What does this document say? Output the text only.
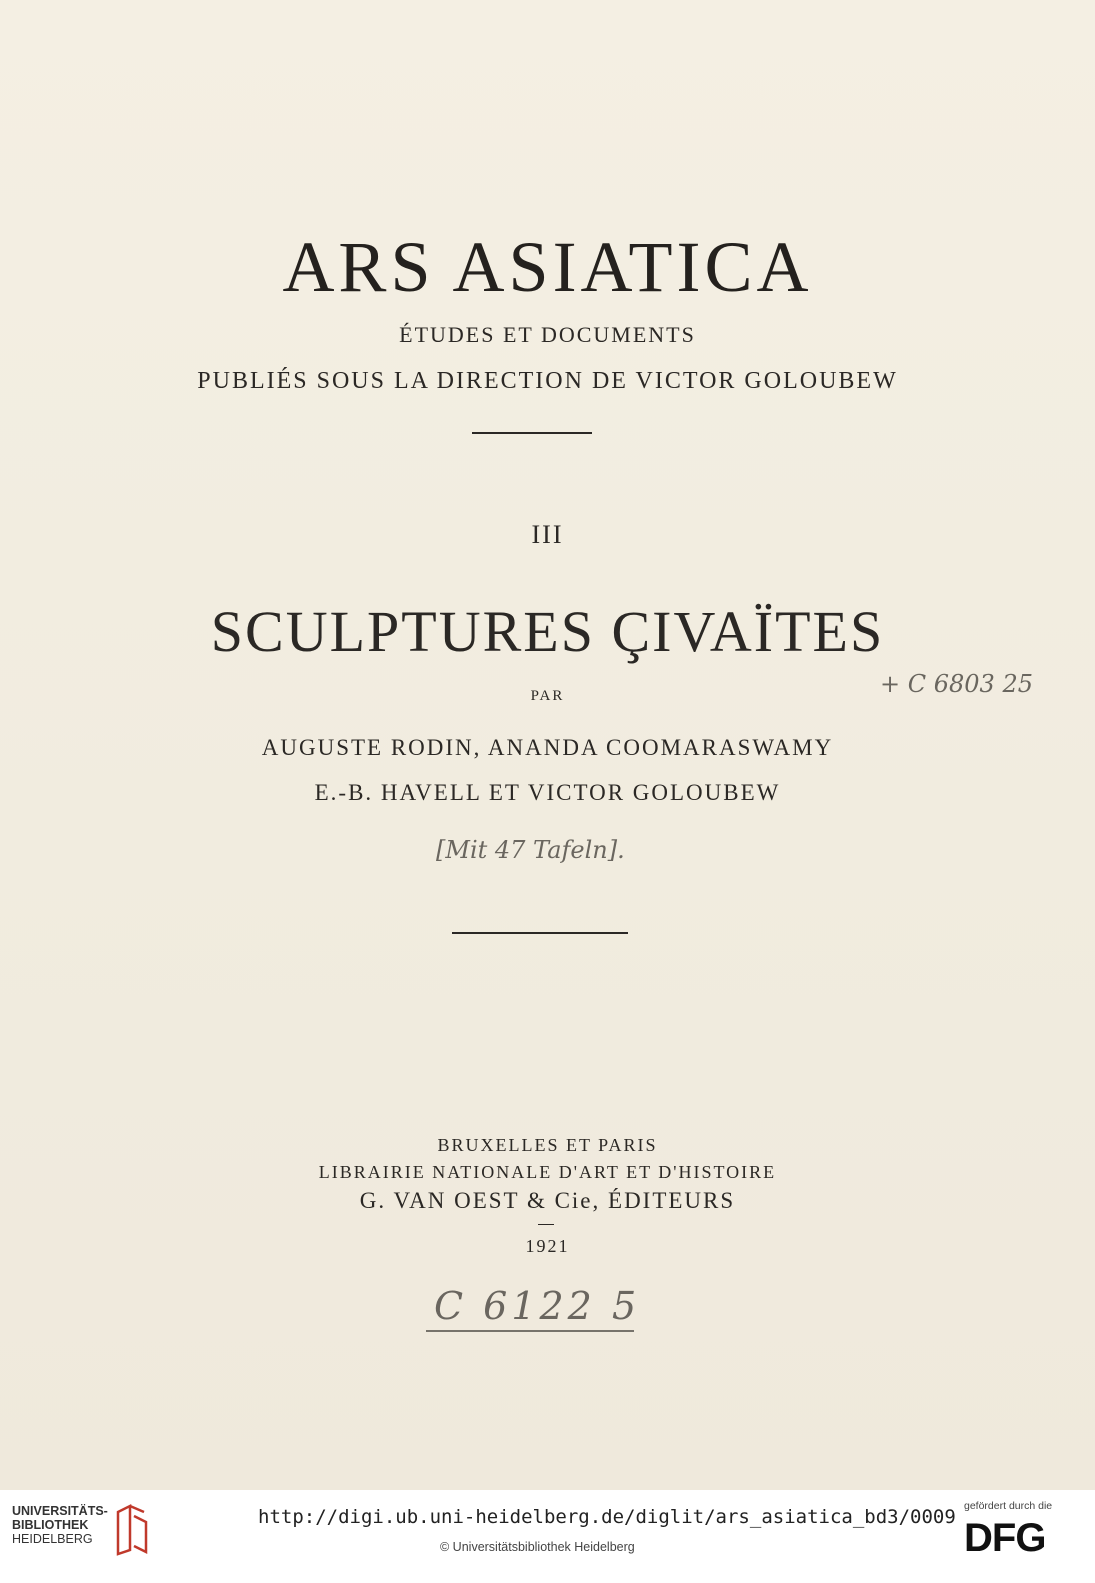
ARS ASIATICA
ÉTUDES ET DOCUMENTS
PUBLIÉS SOUS LA DIRECTION DE VICTOR GOLOUBEW
III
SCULPTURES ÇIVAÏTES
PAR
AUGUSTE RODIN, ANANDA COOMARASWAMY
E.-B. HAVELL ET VICTOR GOLOUBEW
+ C 6803 25
[Mit 47 Tafeln].
BRUXELLES ET PARIS
LIBRAIRIE NATIONALE D'ART ET D'HISTOIRE
G. VAN OEST & Cie, ÉDITEURS
1921
C 6122 5
UNIVERSITÄTS-
BIBLIOTHEK
HEIDELBERG
http://digi.ub.uni-heidelberg.de/diglit/ars_asiatica_bd3/0009
© Universitätsbibliothek Heidelberg
gefördert durch die
DFG
